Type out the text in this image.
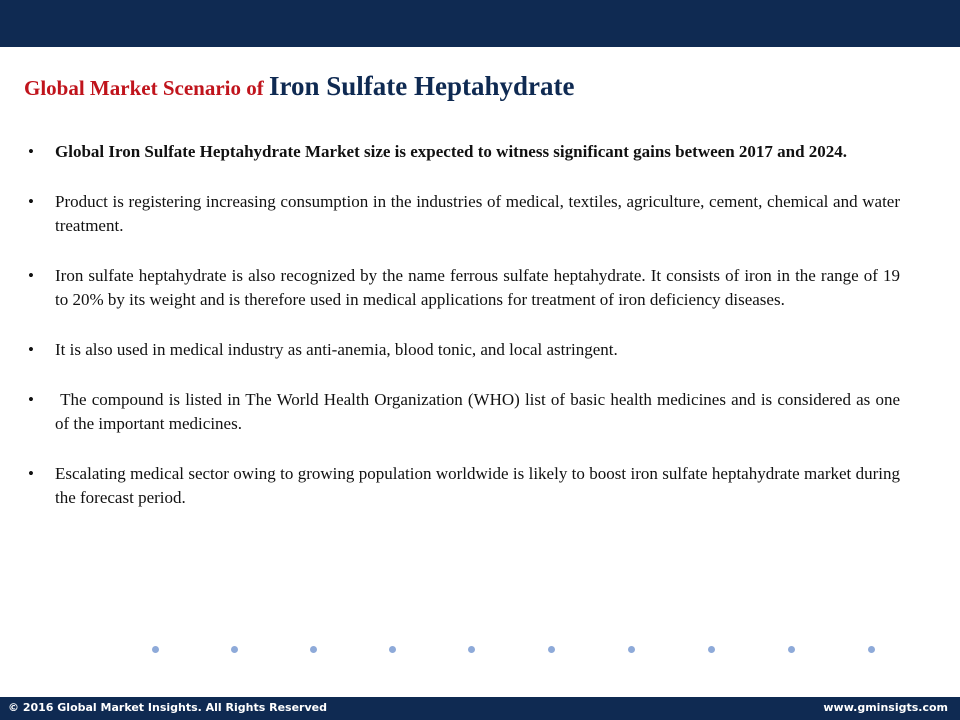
Global Market Scenario of Iron Sulfate Heptahydrate
• Global Iron Sulfate Heptahydrate Market size is expected to witness significant gains between 2017 and 2024.
• Product is registering increasing consumption in the industries of medical, textiles, agriculture, cement, chemical and water treatment.
• Iron sulfate heptahydrate is also recognized by the name ferrous sulfate heptahydrate. It consists of iron in the range of 19 to 20% by its weight and is therefore used in medical applications for treatment of iron deficiency diseases.
• It is also used in medical industry as anti-anemia, blood tonic, and local astringent.
• The compound is listed in The World Health Organization (WHO) list of basic health medicines and is considered as one of the important medicines.
• Escalating medical sector owing to growing population worldwide is likely to boost iron sulfate heptahydrate market during the forecast period.
© 2016 Global Market Insights. All Rights Reserved	www.gminsigts.com
